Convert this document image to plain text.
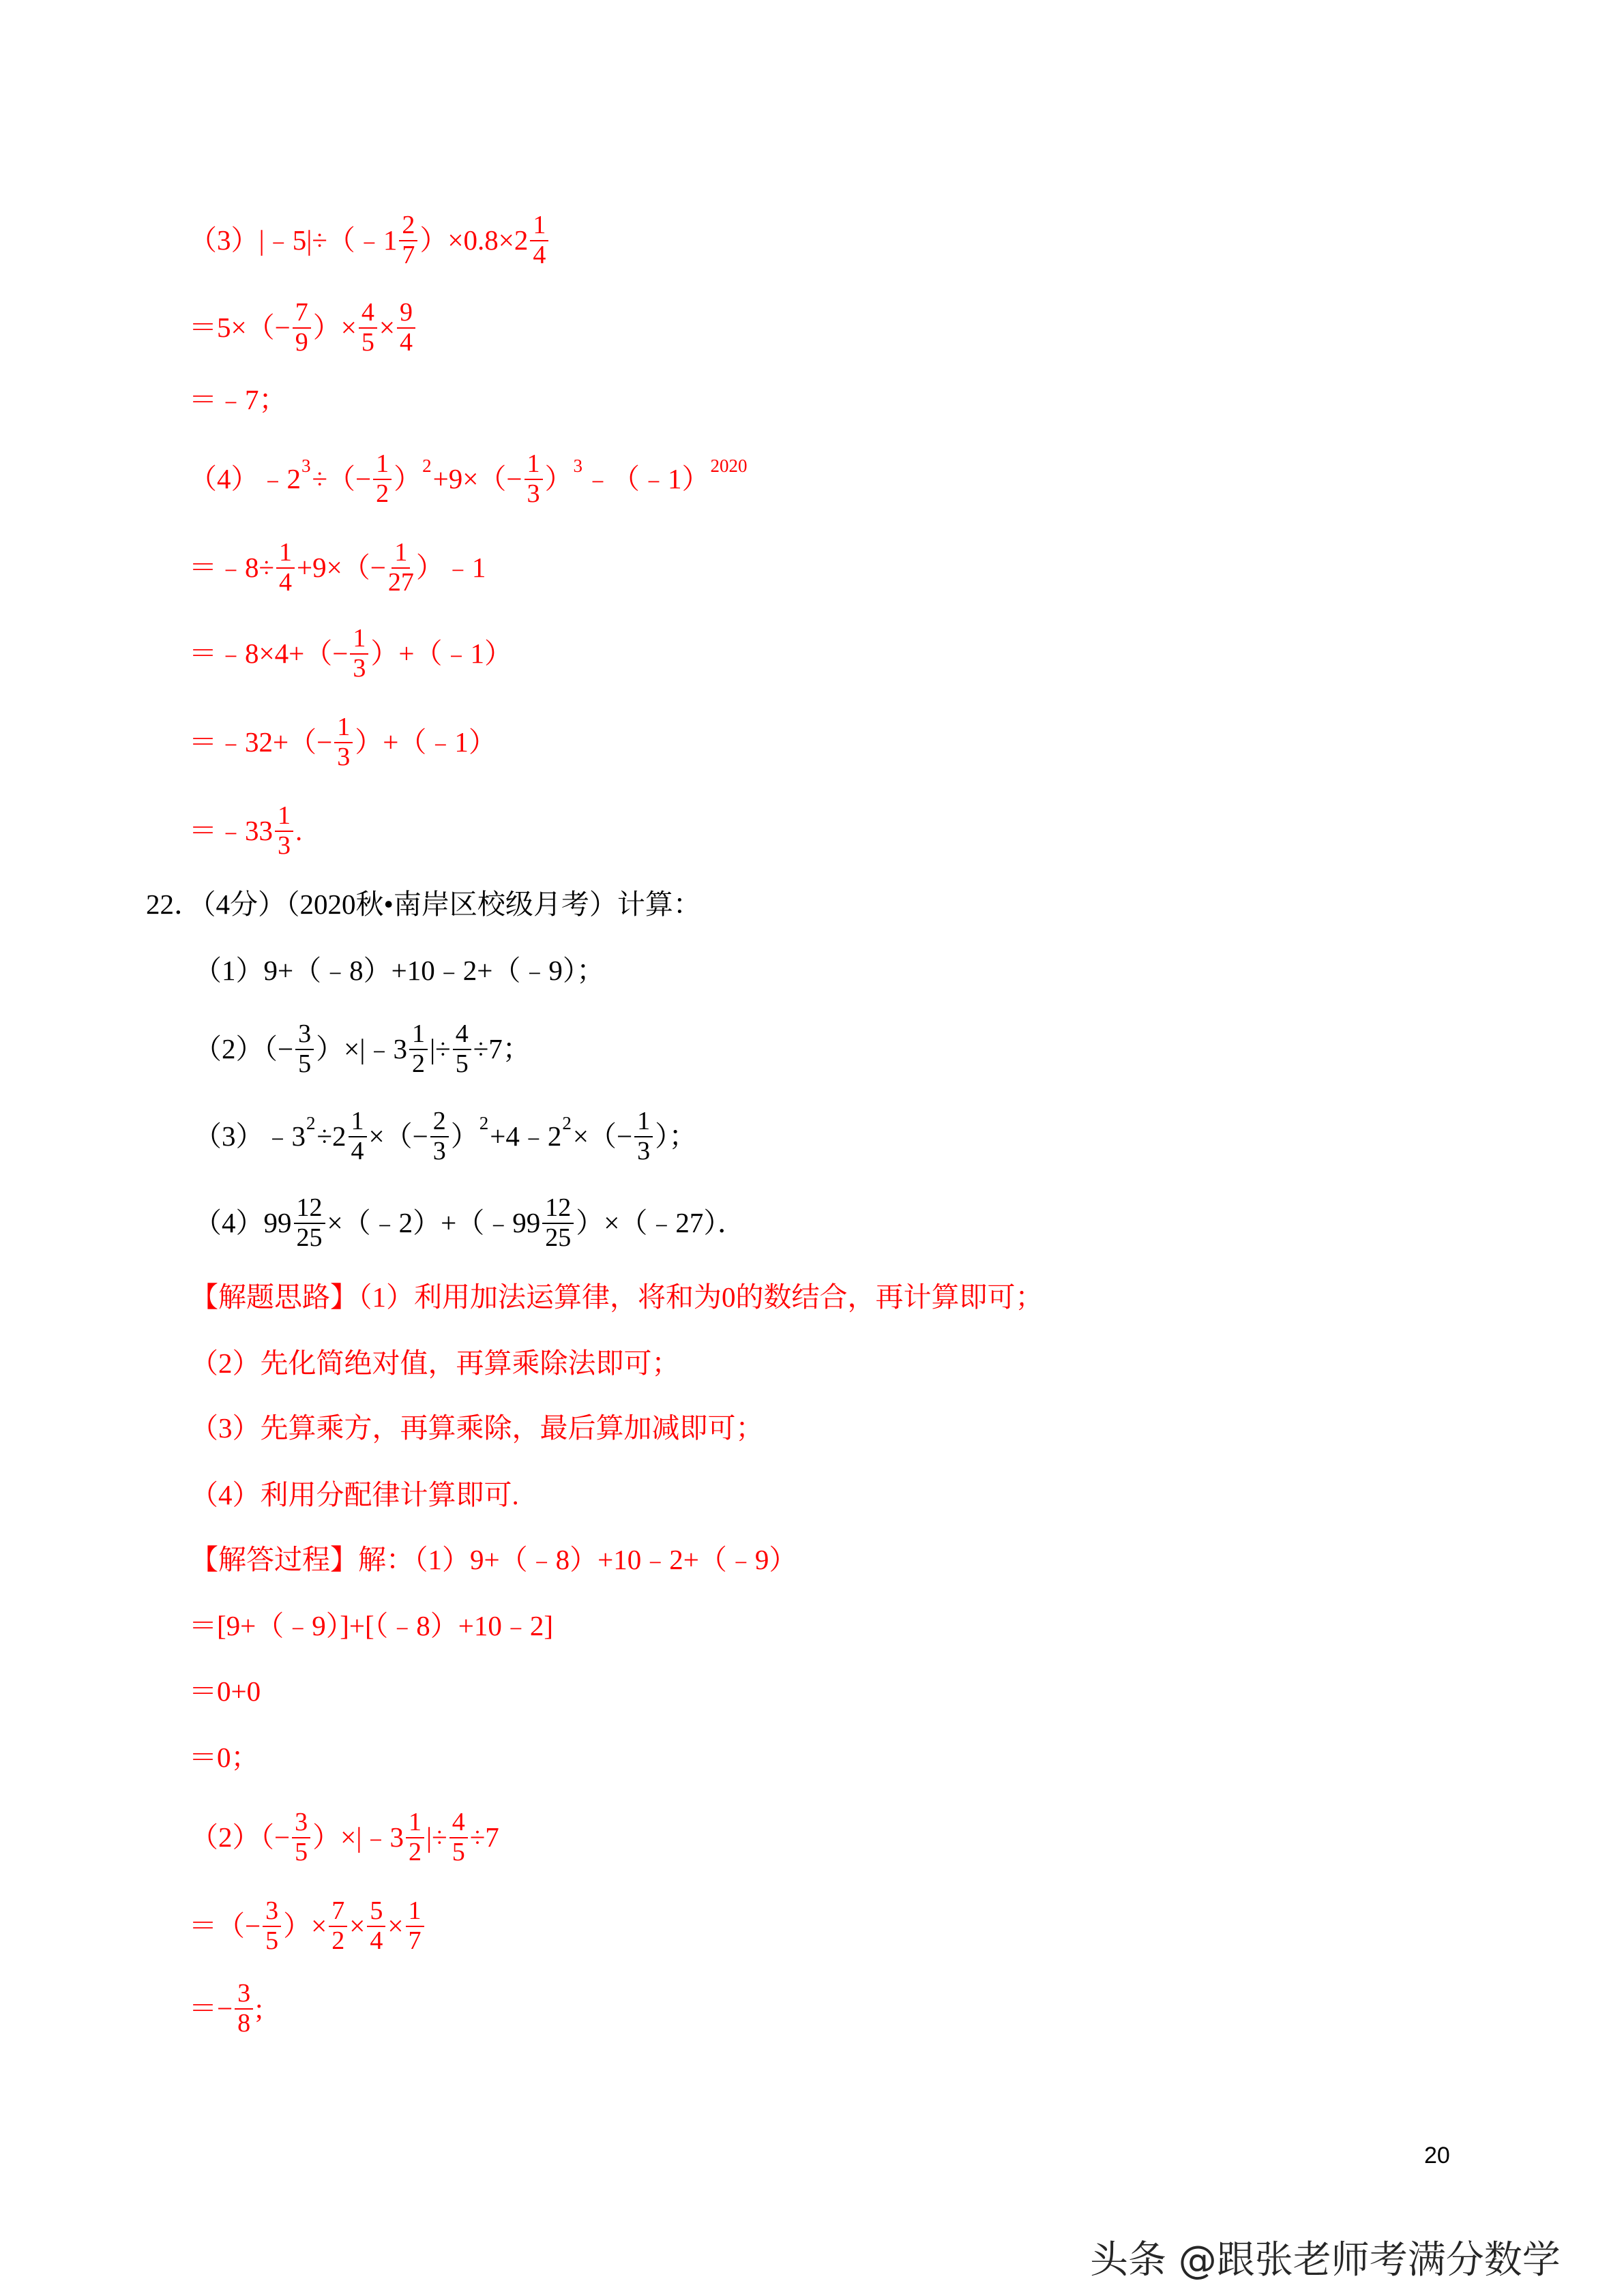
（3）|﹣5|÷（﹣1 $\frac{2}{7} )\times 0.8\times 2 \frac{1}{4}$
$=5\times(- \frac{7}{9}$ ）× $\frac{4}{5} \times \frac{9}{4}$
＝﹣7；
（4）﹣2 3 ÷（− $\frac{1}{2}$ ） $2 +9\times(- \frac{1}{3}$ ） 3 ﹣（﹣1） 2020
＝﹣8÷ $\frac{1}{4} +9\times(- \frac{1}{27}$ ）﹣1
＝﹣8×4+（− $\frac{1}{3}$ ）+（﹣1）
＝﹣32+（− $\frac{1}{3}$ ）+（﹣1）
＝﹣33 $\frac{1}{3}$ .
22．（4分）（2020秋•南岸区校级月考）计算：
（1）9+（﹣8）+10﹣2+（﹣9）；
$(2)(- \frac{3}{5}$ ）×|﹣3 $\frac{1}{2}$ |÷ $\frac{4}{5} \div 7$；
（3）﹣3 $2 \div 2 \frac{1}{4}$ ×（− $\frac{2}{3}$ ） 2 +4﹣2 2 ×（− $\frac{1}{3}$ ）；
$(4)99 \frac{12}{25}$ ×（﹣2）+（﹣99 $\frac{12}{25}$ ）×（﹣27）．
【解题思路】（1）利用加法运算律，将和为0的数结合，再计算即可；
（2）先化简绝对值，再算乘除法即可；
（3）先算乘方，再算乘除，最后算加减即可；
（4）利用分配律计算即可.
【解答过程】解：（1）9+（﹣8）+10﹣2+（﹣9）
＝[9+（﹣9）]+[（﹣8）+10﹣2]
＝0+0
＝0；
$(2)(- \frac{3}{5}$ ）×|﹣3 $\frac{1}{2}$ |÷ $\frac{4}{5} \div 7$
＝（− $\frac{3}{5}$ ）× $\frac{7}{2} \times \frac{5}{4} \times \frac{1}{7}$
＝− $\frac{3}{8}$ ;
20
头条 @跟张老师考满分数学
